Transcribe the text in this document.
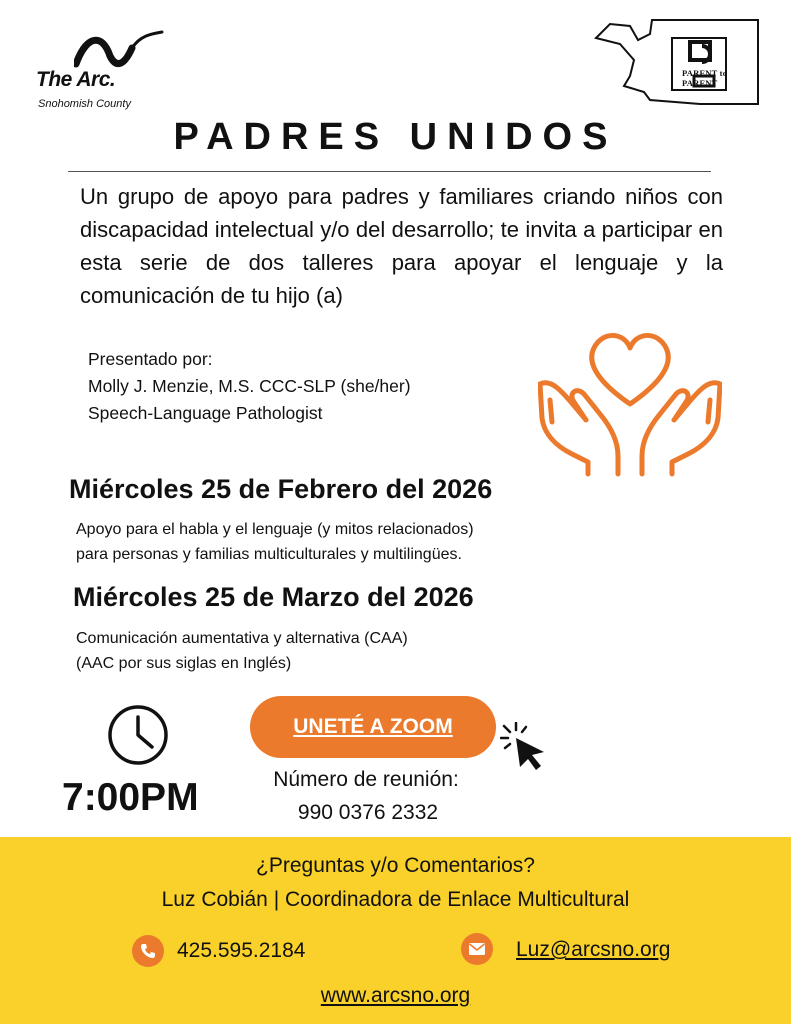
The Arc.
Snohomish County
PARENT to PARENT
PADRES UNIDOS
Un grupo de apoyo para padres y familiares criando niños con discapacidad intelectual y/o del desarrollo; te invita a participar en esta serie de dos talleres para apoyar el lenguaje y la comunicación de tu hijo (a)
Presentado por:
Molly J. Menzie, M.S. CCC-SLP (she/her)
Speech-Language Pathologist
Miércoles 25 de Febrero del 2026
Apoyo para el habla y el lenguaje (y mitos relacionados)
para personas y familias multiculturales y multilingües.
Miércoles 25 de Marzo del 2026
Comunicación aumentativa y alternativa (CAA)
(AAC por sus siglas en Inglés)
7:00PM
UNETÉ A ZOOM
Número de reunión:
990 0376 2332
¿Preguntas y/o Comentarios?
Luz Cobián | Coordinadora de Enlace Multicultural
425.595.2184	Luz@arcsno.org
www.arcsno.org
